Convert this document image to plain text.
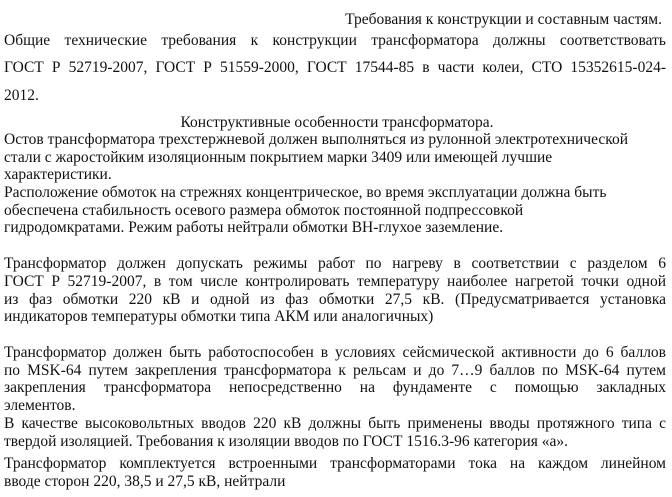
Требования к конструкции и составным частям.
Общие технические требования к конструкции трансформатора должны соответствовать
ГОСТ Р 52719-2007, ГОСТ Р 51559-2000, ГОСТ 17544-85 в части колеи, СТО 15352615-024-
2012.
Конструктивные особенности трансформатора.
Остов трансформатора трехстержневой должен выполняться из рулонной электротехнической
стали с жаростойким изоляционным покрытием марки 3409 или имеющей лучшие
характеристики.
Расположение обмоток на стрежнях концентрическое, во время эксплуатации должна быть
обеспечена стабильность осевого размера обмоток постоянной подпрессовкой
гидродомкратами. Режим работы нейтрали обмотки ВН-глухое заземление.
Трансформатор должен допускать режимы работ по нагреву в соответствии с разделом 6
ГОСТ Р 52719-2007, в том числе контролировать температуру наиболее нагретой точки одной
из фаз обмотки 220 кВ и одной из фаз обмотки 27,5 кВ. (Предусматривается установка
индикаторов температуры обмотки типа АКМ или аналогичных)
Трансформатор должен быть работоспособен в условиях сейсмической активности до 6 баллов
по MSK-64 путем закрепления трансформатора к рельсам и до 7…9 баллов по MSK-64 путем
закрепления трансформатора непосредственно на фундаменте с помощью закладных
элементов.
В качестве высоковольтных вводов 220 кВ должны быть применены вводы протяжного типа с
твердой изоляцией. Требования к изоляции вводов по ГОСТ 1516.3-96 категория «а».
Трансформатор комплектуется встроенными трансформаторами тока на каждом линейном
вводе сторон 220, 38,5 и 27,5 кВ, нейтрали
